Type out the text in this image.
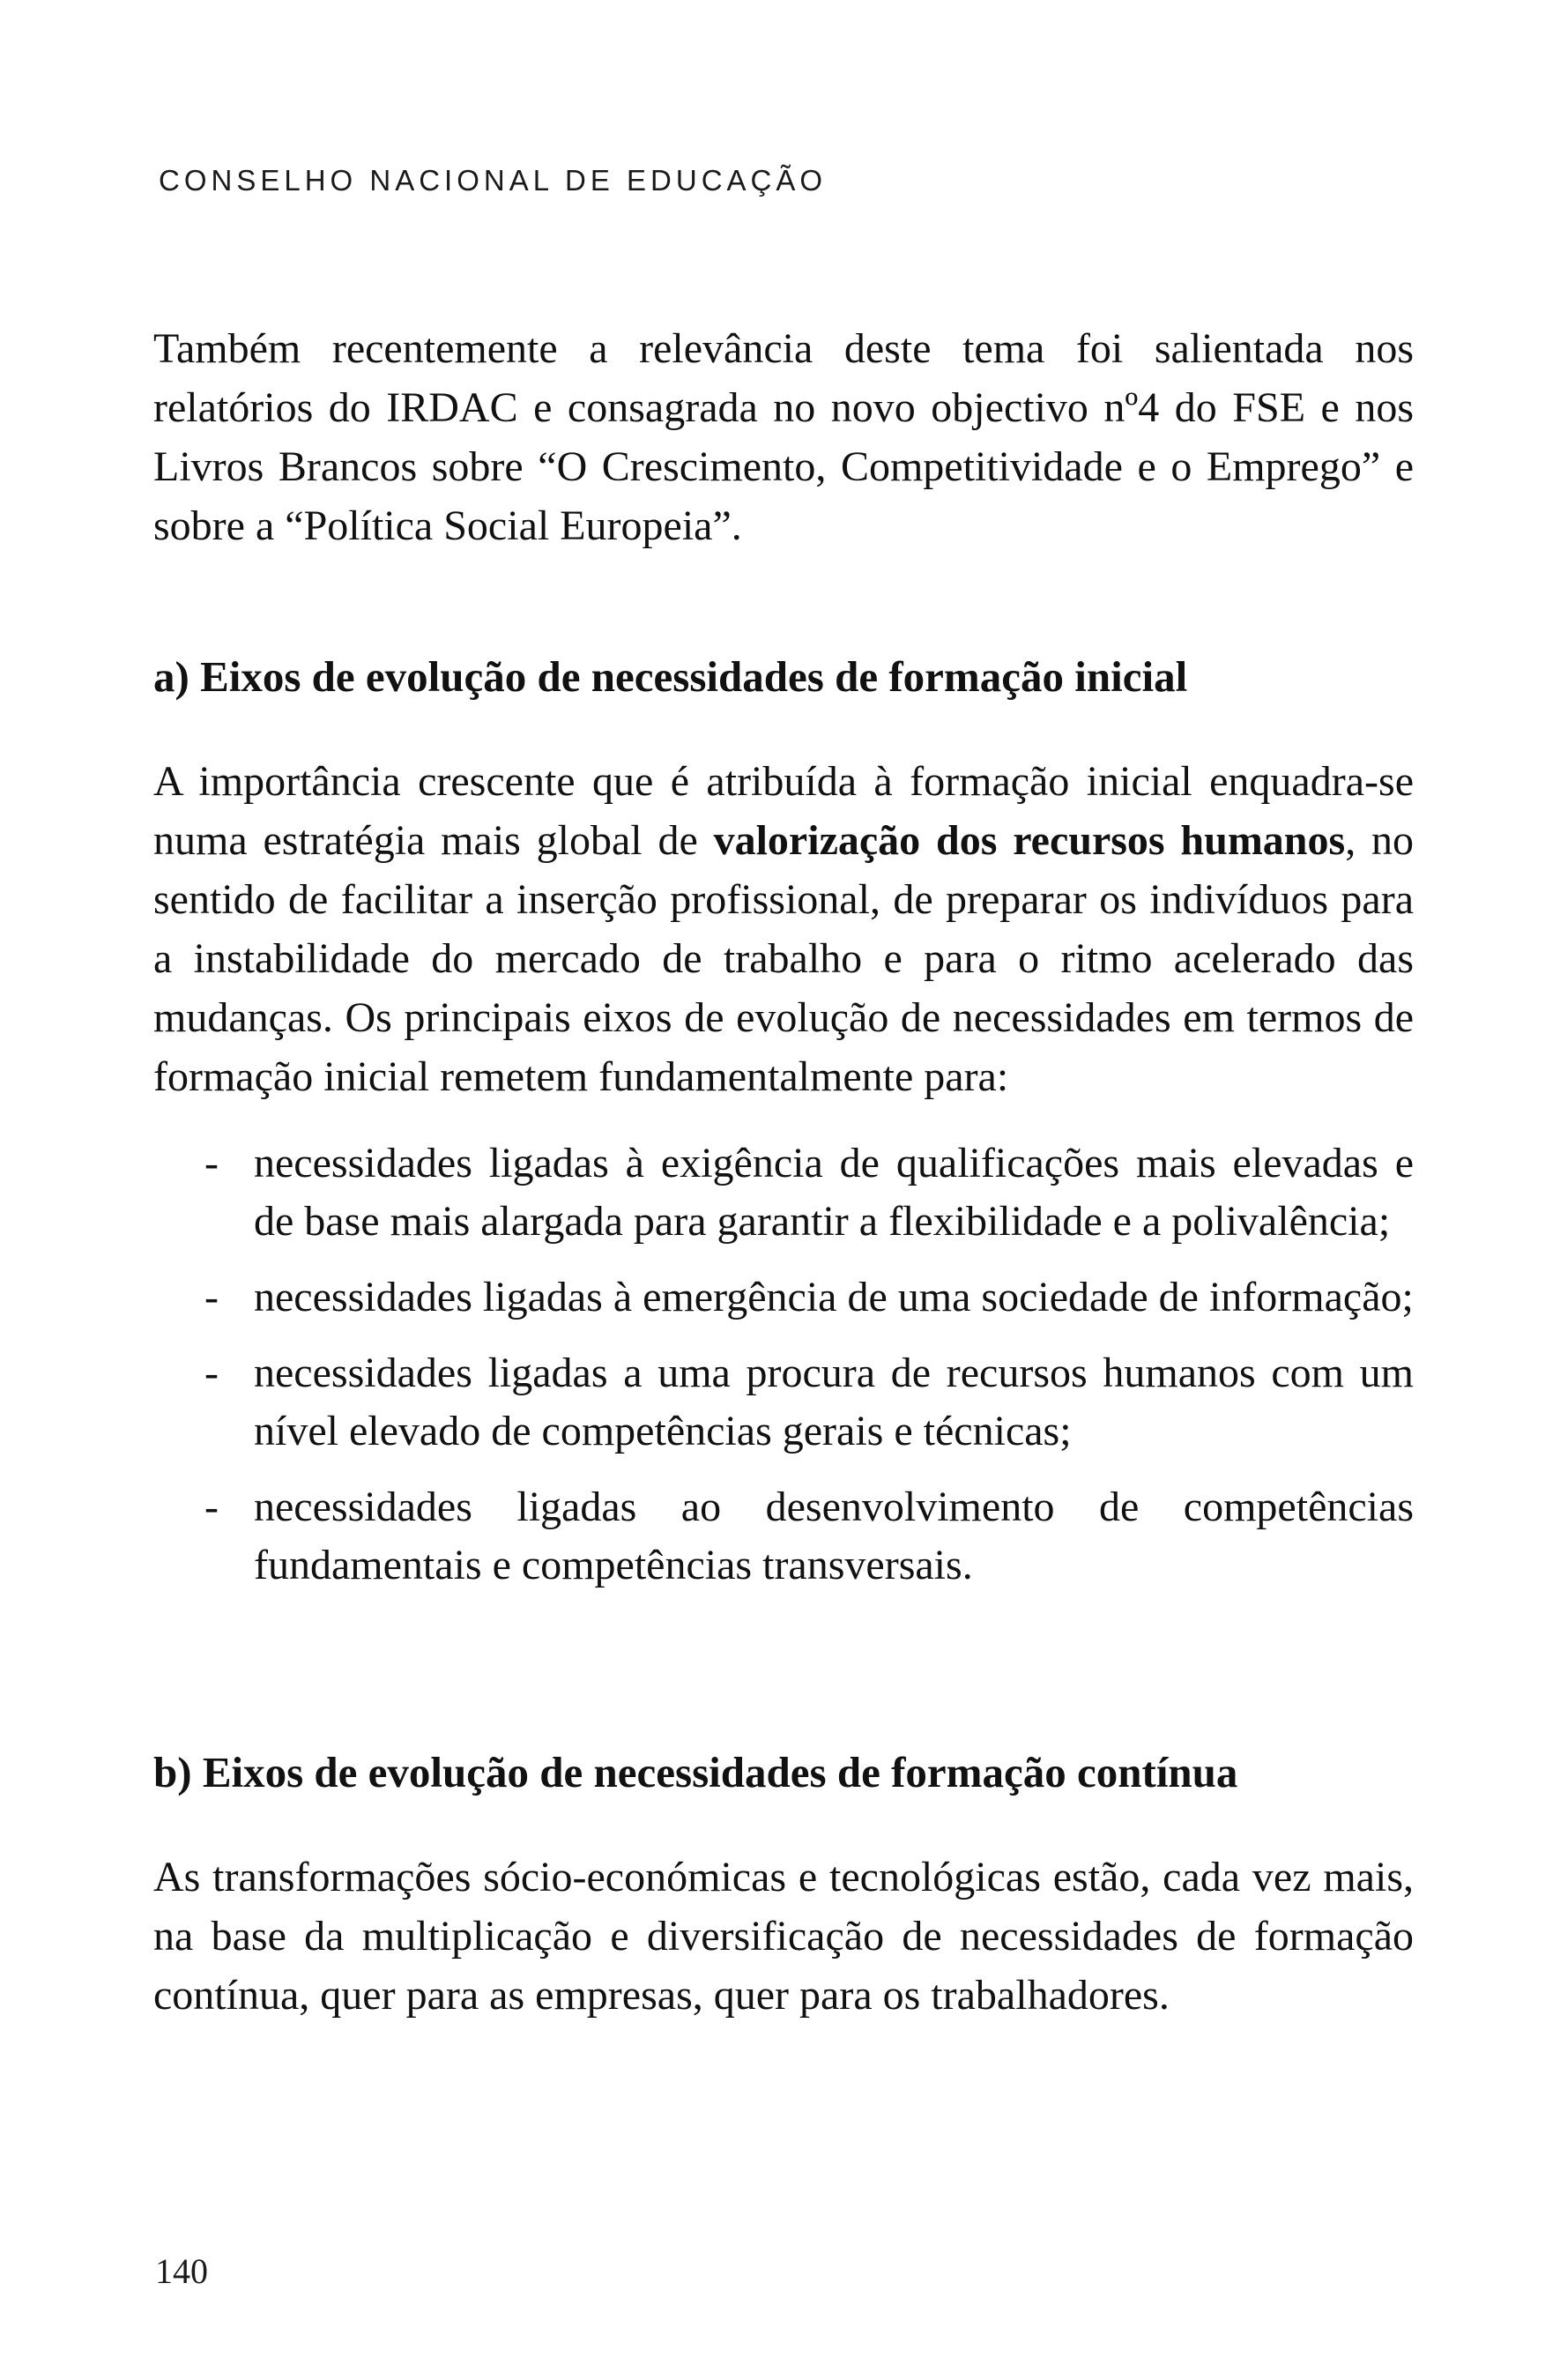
CONSELHO NACIONAL DE EDUCAÇÃO

Também recentemente a relevância deste tema foi salientada nos relatórios do IRDAC e consagrada no novo objectivo nº4 do FSE e nos Livros Brancos sobre “O Crescimento, Competitividade e o Emprego” e sobre a “Política Social Europeia”.

a) Eixos de evolução de necessidades de formação inicial

A importância crescente que é atribuída à formação inicial enquadra-se numa estratégia mais global de valorização dos recursos humanos, no sentido de facilitar a inserção profissional, de preparar os indivíduos para a instabilidade do mercado de trabalho e para o ritmo acelerado das mudanças. Os principais eixos de evolução de necessidades em termos de formação inicial remetem fundamentalmente para:

- necessidades ligadas à exigência de qualificações mais elevadas e de base mais alargada para garantir a flexibilidade e a polivalência;
- necessidades ligadas à emergência de uma sociedade de informação;
- necessidades ligadas a uma procura de recursos humanos com um nível elevado de competências gerais e técnicas;
- necessidades ligadas ao desenvolvimento de competências fundamentais e competências transversais.
b) Eixos de evolução de necessidades de formação contínua

As transformações sócio-económicas e tecnológicas estão, cada vez mais, na base da multiplicação e diversificação de necessidades de formação contínua, quer para as empresas, quer para os trabalhadores.

140
